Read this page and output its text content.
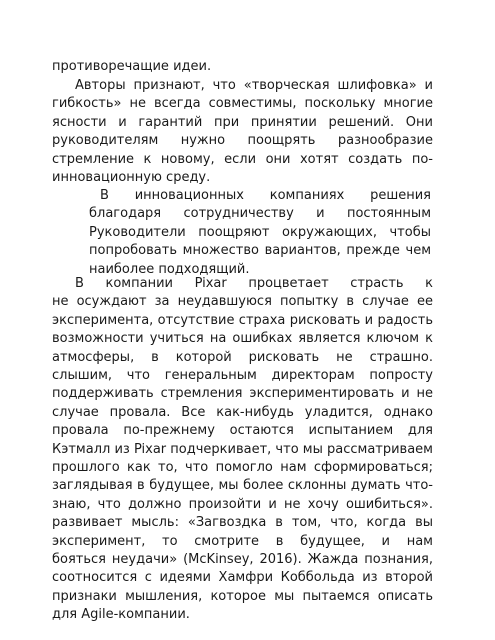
противоречащие идеи.
Авторы признают, что «творческая шлифовка» и
гибкость» не всегда совместимы, поскольку многие
ясности и гарантий при принятии решений. Они
руководителям нужно поощрять разнообразие
стремление к новому, если они хотят создать по-
инновационную среду.
В инновационных компаниях решения
благодаря сотрудничеству и постоянным
Руководители поощряют окружающих, чтобы
попробовать множество вариантов, прежде чем
наиболее подходящий.
В компании Pixar процветает страсть к
не осуждают за неудавшуюся попытку в случае ее
эксперимента, отсутствие страха рисковать и радость
возможности учиться на ошибках является ключом к
атмосферы, в которой рисковать не страшно.
слышим, что генеральным директорам попросту
поддерживать стремления экспериментировать и не
случае провала. Все как-нибудь уладится, однако
провала по-прежнему остаются испытанием для
Кэтмалл из Pixar подчеркивает, что мы рассматриваем
прошлого как то, что помогло нам сформироваться;
заглядывая в будущее, мы более склонны думать что-
знаю, что должно произойти и не хочу ошибиться».
развивает мысль: «Загвоздка в том, что, когда вы
эксперимент, то смотрите в будущее, и нам
бояться неудачи» (McKinsey, 2016). Жажда познания,
соотносится с идеями Хамфри Коббольда из второй
признаки мышления, которое мы пытаемся описать
для Agile-компании.
